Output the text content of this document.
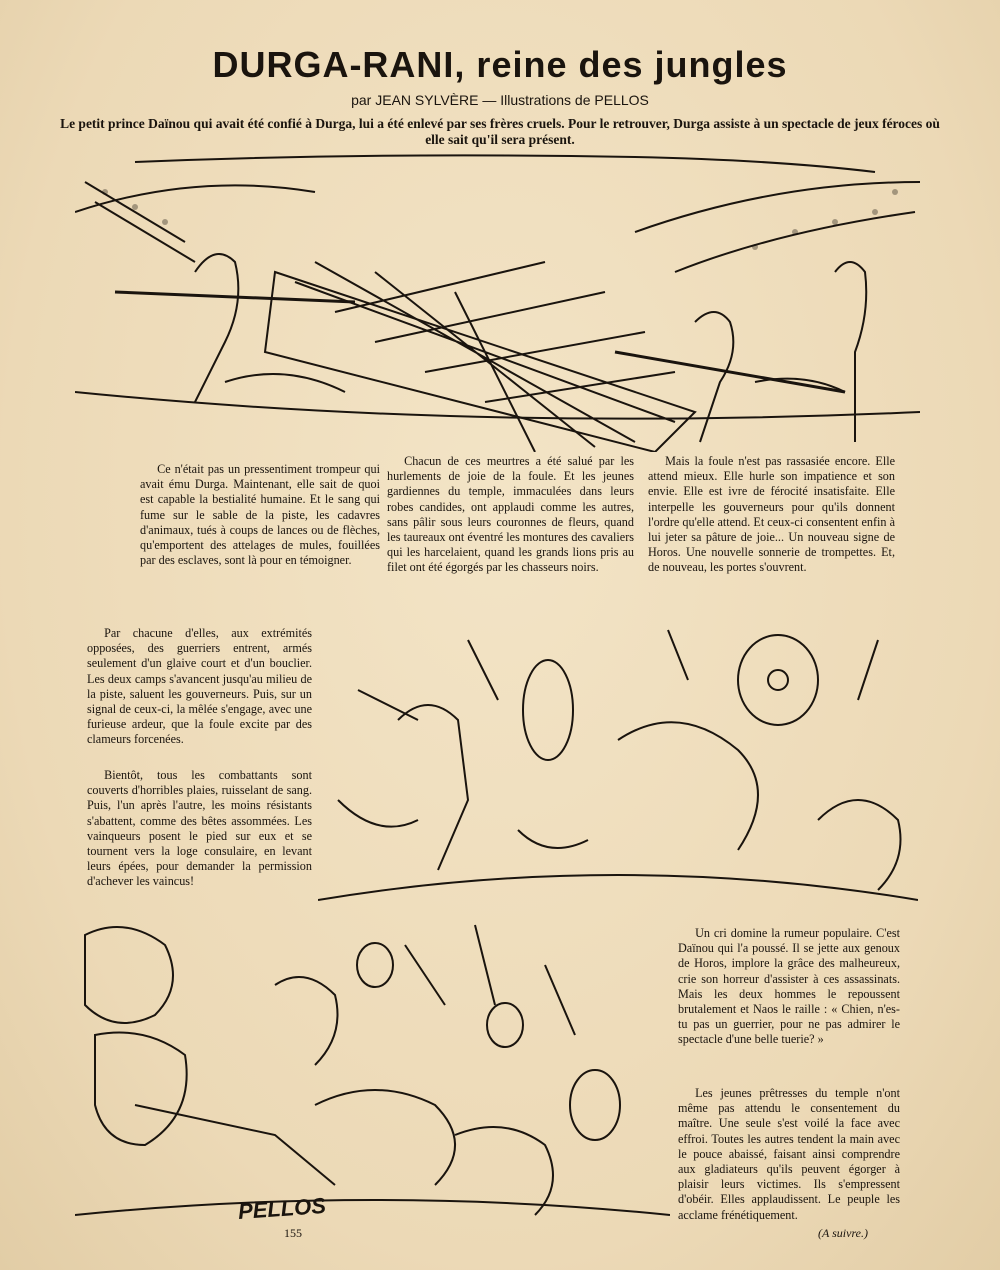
DURGA-RANI, reine des jungles
par JEAN SYLVÈRE — Illustrations de PELLOS
Le petit prince Daïnou qui avait été confié à Durga, lui a été enlevé par ses frères cruels. Pour le retrouver, Durga assiste à un spectacle de jeux féroces où elle sait qu'il sera présent.

Ce n'était pas un pressentiment trompeur qui avait ému Durga. Maintenant, elle sait de quoi est capable la bestialité humaine. Et le sang qui fume sur le sable de la piste, les cadavres d'animaux, tués à coups de lances ou de flèches, qu'emportent des attelages de mules, fouillées par des esclaves, sont là pour en témoigner.

Chacun de ces meurtres a été salué par les hurlements de joie de la foule. Et les jeunes gardiennes du temple, immaculées dans leurs robes candides, ont applaudi comme les autres, sans pâlir sous leurs couronnes de fleurs, quand les taureaux ont éventré les montures des cavaliers qui les harcelaient, quand les grands lions pris au filet ont été égorgés par les chasseurs noirs.

Mais la foule n'est pas rassasiée encore. Elle attend mieux. Elle hurle son impatience et son envie. Elle est ivre de férocité insatisfaite. Elle interpelle les gouverneurs pour qu'ils donnent l'ordre qu'elle attend. Et ceux-ci consentent enfin à lui jeter sa pâture de joie... Un nouveau signe de Horos. Une nouvelle sonnerie de trompettes. Et, de nouveau, les portes s'ouvrent.

Par chacune d'elles, aux extrémités opposées, des guerriers entrent, armés seulement d'un glaive court et d'un bouclier. Les deux camps s'avancent jusqu'au milieu de la piste, saluent les gouverneurs. Puis, sur un signal de ceux-ci, la mêlée s'engage, avec une furieuse ardeur, que la foule excite par des clameurs forcenées.

Bientôt, tous les combattants sont couverts d'horribles plaies, ruisselant de sang. Puis, l'un après l'autre, les moins résistants s'abattent, comme des bêtes assommées. Les vainqueurs posent le pied sur eux et se tournent vers la loge consulaire, en levant leurs épées, pour demander la permission d'achever les vaincus!

Un cri domine la rumeur populaire. C'est Daïnou qui l'a poussé. Il se jette aux genoux de Horos, implore la grâce des malheureux, crie son horreur d'assister à ces assassinats. Mais les deux hommes le repoussent brutalement et Naos le raille : « Chien, n'es-tu pas un guerrier, pour ne pas admirer le spectacle d'une belle tuerie? »

Les jeunes prêtresses du temple n'ont même pas attendu le consentement du maître. Une seule s'est voilé la face avec effroi. Toutes les autres tendent la main avec le pouce abaissé, faisant ainsi comprendre aux gladiateurs qu'ils peuvent égorger à plaisir leurs victimes. Ils s'empressent d'obéir. Elles applaudissent. Le peuple les acclame frénétiquement.

PELLOS
155	(A suivre.)
